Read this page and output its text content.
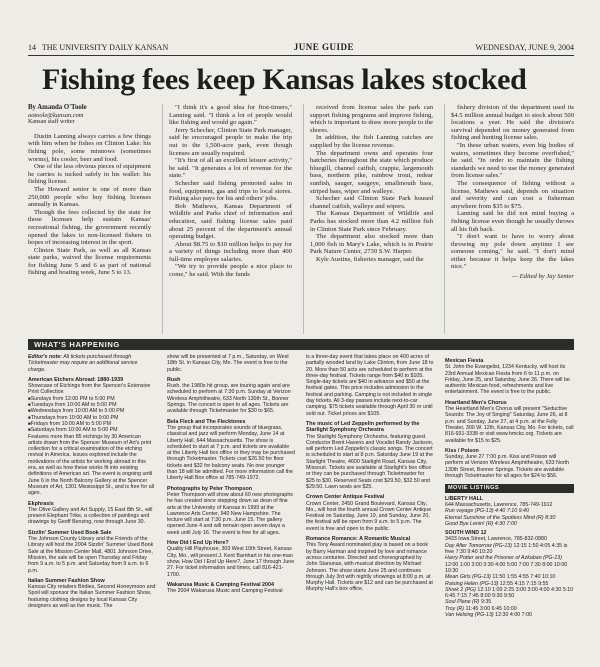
14 THE UNIVERSITY DAILY KANSAN	JUNE GUIDE	WEDNESDAY, JUNE 9, 2004
Fishing fees keep Kansas lakes stocked
By Amanda O'Toole
aotoole@kansan.com
Kansan staff writer

Dustin Lanning always carries a few things with him when he fishes on Clinton Lake: his fishing pole, some minnows (sometimes worms), his cooler, beer and food.

One of the less obvious pieces of equipment he carries is tucked safely in his wallet: his fishing license.

The Howard senior is one of more than 250,000 people who buy fishing licenses annually in Kansas.

Though the fees collected by the state for those licenses help sustain Kansas' recreational fishing, the government recently opened the lakes to non-licensed fishers in hopes of increasing interest in the sport.

Clinton State Park, as well as all Kansas state parks, waived the license requirements for fishing June 5 and 6 as part of national fishing and boating week, June 5 to 13.

"I think it's a good idea for first-timers," Lanning said. "I think a lot of people would like fishing and would go again."

Jerry Schecher, Clinton State Park manager, said he encouraged people to make the trip out to the 1,500-acre park, even though licenses are usually required.

"It's first of all an excellent leisure activity," he said. "It generates a lot of revenue for the state."

Schecher said fishing promoted sales in food, equipment, gas and trips to local stores. Fishing also pays for his and others' jobs.

Bob Mathews, Kansas Department of Wildlife and Parks chief of information and education, said fishing license sales paid about 25 percent of the department's annual operating budget.

About $8.75 to $10 million helps to pay for a variety of things including more than 400 full-time employee salaries.

"We try to provide people a nice place to come," he said. With the funds

received from license sales the park can support fishing programs and improve fishing, which is important to draw more people to the shores.

In addition, the fish Lanning catches are supplied by the license revenue.

The department owns and operates four hatcheries throughout the state which produce bluegill, channel catfish, crappie, largemouth bass, northern pike, rainbow trout, redear sunfish, sauger, saugeye, smallmouth bass, striped bass, wiper and walleye.

Schecher said Clinton State Park housed channel catfish, walleye and wipers.

The Kansas Department of Wildlife and Parks has stocked more than 4.2 million fish in Clinton State Park since February.

The department also stocked more than 1,000 fish in Mary's Lake, which is in Prairie Park Nature Center, 2730 S.W. Harper.

Kyle Austins, fisheries manager, said the

fishery division of the department used its $4.5 million annual budget to stock about 500 locations a year. He said the division's survival depended on money generated from fishing and hunting license sales.

"In these urban waters, even big bodies of waters, sometimes they become overfished," he said. "In order to maintain the fishing standards we need to use the money generated from license sales."

The consequence of fishing without a license, Mathews said, depends on situation and severity and can cost a fisherman anywhere from $35 to $75.

Lanning said he did not mind buying a fishing license even though he usually throws all his fish back.

"I don't want to have to worry about throwing my pole down anytime I see someone coming," he said. "I don't mind either because it helps keep the the lakes nice."

— Edited by Jay Senter
WHAT'S HAPPENING
Editor's note: All tickets purchased through Ticketmaster may require an additional service charge.
American Etchers Abroad: 1880-1939
Showcase of Etchings from the Spencer's Extensive Print Collection
■ Sundays from 12:00 PM to 5:00 PM
■ Tuesdays from 10:00 AM to 5:00 PM
■ Wednesdays from 10:00 AM to 5:00 PM
■ Thursdays from 10:00 AM to 9:00 PM
■ Fridays from 10:00 AM to 5:00 PM
■ Saturdays from 10:00 AM to 5:00 PM
Features more than 85 etchings by 30 American artists drawn from the Spencer Museum of Art's print collection for a critical examination of the etching revival in America. Issues explored include the motivations of the artists for working abroad in this era, as well as how these works fit into existing definitions of American art. The event is ongoing until June 6 in the North Balcony Gallery at the Spencer Museum of Art, 1301 Mississippi St., and is free for all ages.
Ekphrasis
The Olive Gallery and Art Supply, 15 East 8th St., will present Elephant Trike, a collection of paintings and drawings by Geoff Benzing, now through June 30.
Sizzlin' Summer Used Book Sale
The Johnson County Library and the Friends of the Library will host the 2004 Sizzlin' Summer Used Book Sale at the Mission Center Mall, 4801 Johnson Drive, Mission, the sale will be open Thursday and Friday from 9 a.m. to 5 p.m. and Saturday from 9 a.m. to 6 p.m.
Italian Summer Fashion Show
Kansas City retailers Birdies, Second Honeymoon and Spoil will sponsor the Italian Summer Fashion Show, featuring clothing designs by local Kansas City designers as well as live music. The
show will be presented at 7 p.m., Saturday, on West 18th St. in Kansas City, Mo. The event is free to the public.
Rush
Rush, the 1980s hit group, are touring again and are scheduled to perform at 7:30 p.m. Sunday at Verizon Wireless Amphitheatre, 633 North 130th St., Bonner Springs. The concert is open to all ages. Tickets are available through Ticketmaster for $30 to $65.
Bela Fleck and The Flecktones
The group that incorporates sounds of bluegrass, classical and jazz will perform Monday, June 14 at Liberty Hall, 644 Massachusetts. The show is scheduled to start at 7 p.m. and tickets are available at the Liberty Hall box office or they may be purchased through Ticketmaster. Tickets cost $26.50 for floor tickets and $32 for balcony seats. No one younger than 18 will be admitted. For more information call the Liberty Hall Box office at 785-749-1972.
Photographs by Peter Thompson
Peter Thompson will show about 60 new photographs he has created since stepping down as dean of fine arts at the University of Kansas in 1999 at the Lawrence Arts Center, 940 New Hampshire. The lecture will start at 7:30 p.m. June 15. The gallery opened June 4 and will remain open seven days a week until July 16. The event is free for all ages.
How Did I End Up Here?
Quality Hill Playhouse, 303 West 10th Street, Kansas City, Mo., will present J. Kent Barnhart in his one-man show, How Did I End Up Here?, June 17 through June 27. For ticket information and times, call 816-421-1700.
Wakarusa Music & Camping Festival 2004
The 2004 Wakarusa Music and Camping Festival
is a three-day event that takes place on 400 acres of partially wooded land by Lake Clinton, from June 18 to 20. More than 50 acts are scheduled to perform at the three-day festival. Tickets range from $40 to $105. Single-day tickets are $40 in advance and $50 at the festival gates. This price includes admission to the festival and parking. Camping is not included in single day tickets. All 3-day passes include next-to-car camping. $75 tickets available through April 30 or until sold out. Ticket prices are $105.
The music of Led Zeppelin performed by the Starlight Symphony Orchestra
The Starlight Symphony Orchestra, featuring guest Conductor Brent Havens and Vocalist Randy Jackson, will perform Led Zeppelin's classic songs. The concert is scheduled to start at 8 p.m. Saturday June 19 at the Starlight Theatre, 4600 Starlight Road, Kansas City, Missouri. Tickets are available at Starlight's box office or they can be purchased through Ticketmaster for $25 to $30. Reserved Seats cost $29.50, $32.50 and $29.50. Lawn seats are $25.
Crown Center Antique Festival
Crown Center, 2450 Grand Boulevard, Kansas City, Mo., will host the fourth annual Crown Center Antique Festival on Saturday, June 19, and Sunday, June 20, the festival will be open from 9 a.m. to 5 p.m. The event is free and open to the public.
Romance Romance: A Romantic Musical
This Tony Award nominated play is based on a book by Barry Harman and inspired by love and romance across centuries. Directed and choreographed by John Stanunas, with musical direction by Michael Johnson. The show starts June 25 and continues through July 3rd with nightly showings at 8:00 p.m. at Murphy Hall. Tickets are $12 and can be purchased at Murphy Hall's box office.
Mexican Fiesta
St. John the Evangelist, 1234 Kentucky, will host its 23rd Annual Mexican Fiesta from 6 to 11 p.m. on Friday, June 25, and Saturday, June 26. There will be authentic Mexican food, refreshments and live entertainment. The event is free to the public.
Heartland Men's Chorus
The Heartland Men's Chorus will present "Seductive Sounds: The Joy of Singing" Saturday, June 26, at 8 p.m. and Sunday, June 27, at 4 p.m. at the Folly Theater, 300 W. 12th, Kansas City, Mo. For tickets, call 816-931-3338 or visit www.hmckc.org. Tickets are available for $15 to $25.
Kiss / Poison
Sunday, June 27 7:00 p.m. Kiss and Poison will perform at Verizon Wireless Amphitheatre, 633 North 130th Street, Bonner Springs. Tickets are available through Ticketmaster for all ages for $24 to $56.
MOVIE LISTINGS
LIBERTY HALL
644 Massachusetts, Lawrence, 785-749-1912
Run voyage (PG-13) 4:40 7:10 9:40
Eternal Sunshine of the Spotless Mind (R) 8:30
Good Bye Lenin! (R) 4:30 7:00
SOUTH WIND 12
3433 Iowa Street, Lawrence, 785-832-0880
Day After Tomorrow (PG-13) 12:15 1:50 4:05 4:35 is free 7:30 9:40 10:20
Harry Potter and the Prisoner of Azkaban (PG-13) 12:00 1:00 3:00 3:30 4:00 5:00 7:00 7:30 8:00 10:00 10:30
Mean Girls (PG-13) 11:50 1:55 4:55 7:40 10:10
Raising Helen (PG-13) 12:55 4:15 7:15 9:55
Shrek 2 (PG) 12:10 1:00 2:25 3:00 3:00 4:00 4:30 5:10 6:45 7:15 7:45 8:00 9:30 9:50
Soul Plane (R) 9:35
Troy (R) 11:45 3:00 6:45 10:00
Van Helsing (PG-13) 12:30 4:00 7:00
